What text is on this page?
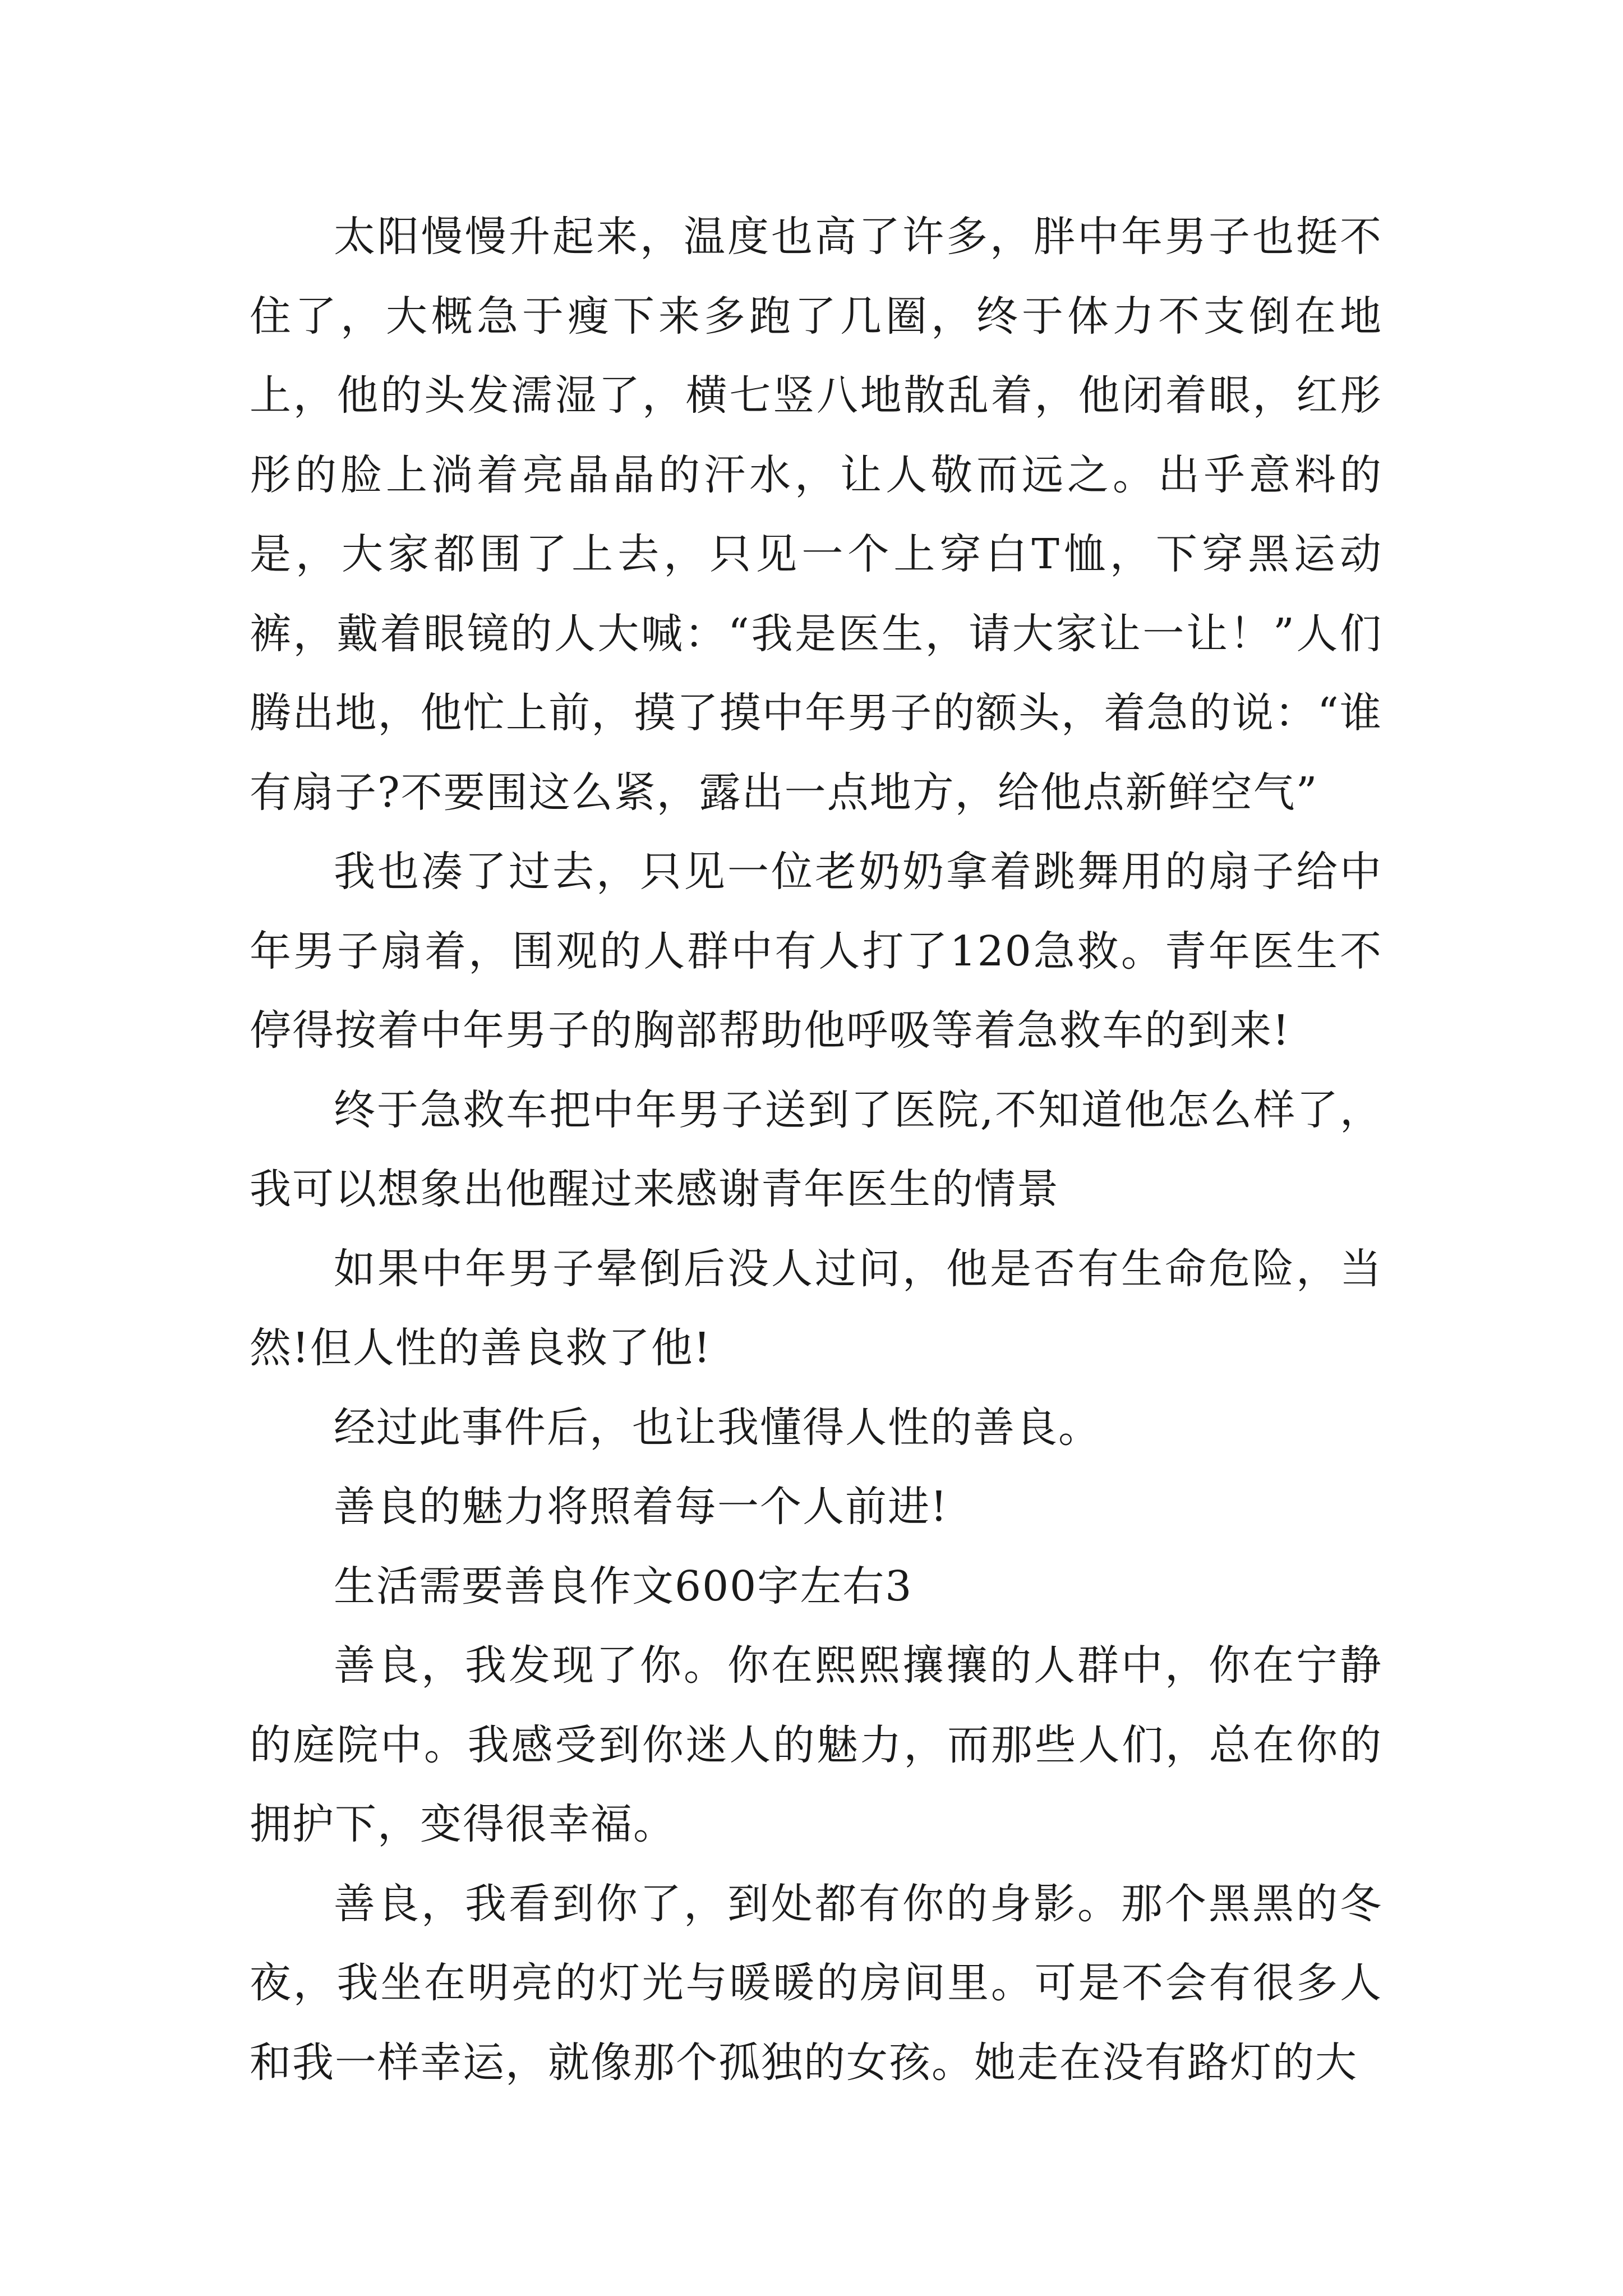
太阳慢慢升起来，温度也高了许多，胖中年男子也挺不住了，大概急于瘦下来多跑了几圈，终于体力不支倒在地上，他的头发濡湿了，横七竖八地散乱着，他闭着眼，红彤彤的脸上淌着亮晶晶的汗水，让人敬而远之。出乎意料的是，大家都围了上去，只见一个上穿白T恤，下穿黑运动裤，戴着眼镜的人大喊：“我是医生，请大家让一让！”人们腾出地，他忙上前，摸了摸中年男子的额头，着急的说：“谁有扇子?不要围这么紧，露出一点地方，给他点新鲜空气”

我也凑了过去，只见一位老奶奶拿着跳舞用的扇子给中年男子扇着，围观的人群中有人打了120急救。青年医生不停得按着中年男子的胸部帮助他呼吸等着急救车的到来!

终于急救车把中年男子送到了医院,不知道他怎么样了，我可以想象出他醒过来感谢青年医生的情景

如果中年男子晕倒后没人过问，他是否有生命危险，当然!但人性的善良救了他!

经过此事件后，也让我懂得人性的善良。

善良的魅力将照着每一个人前进!

生活需要善良作文600字左右3

善良，我发现了你。你在熙熙攘攘的人群中，你在宁静的庭院中。我感受到你迷人的魅力，而那些人们，总在你的拥护下，变得很幸福。

善良，我看到你了，到处都有你的身影。那个黑黑的冬夜，我坐在明亮的灯光与暖暖的房间里。可是不会有很多人和我一样幸运，就像那个孤独的女孩。她走在没有路灯的大
